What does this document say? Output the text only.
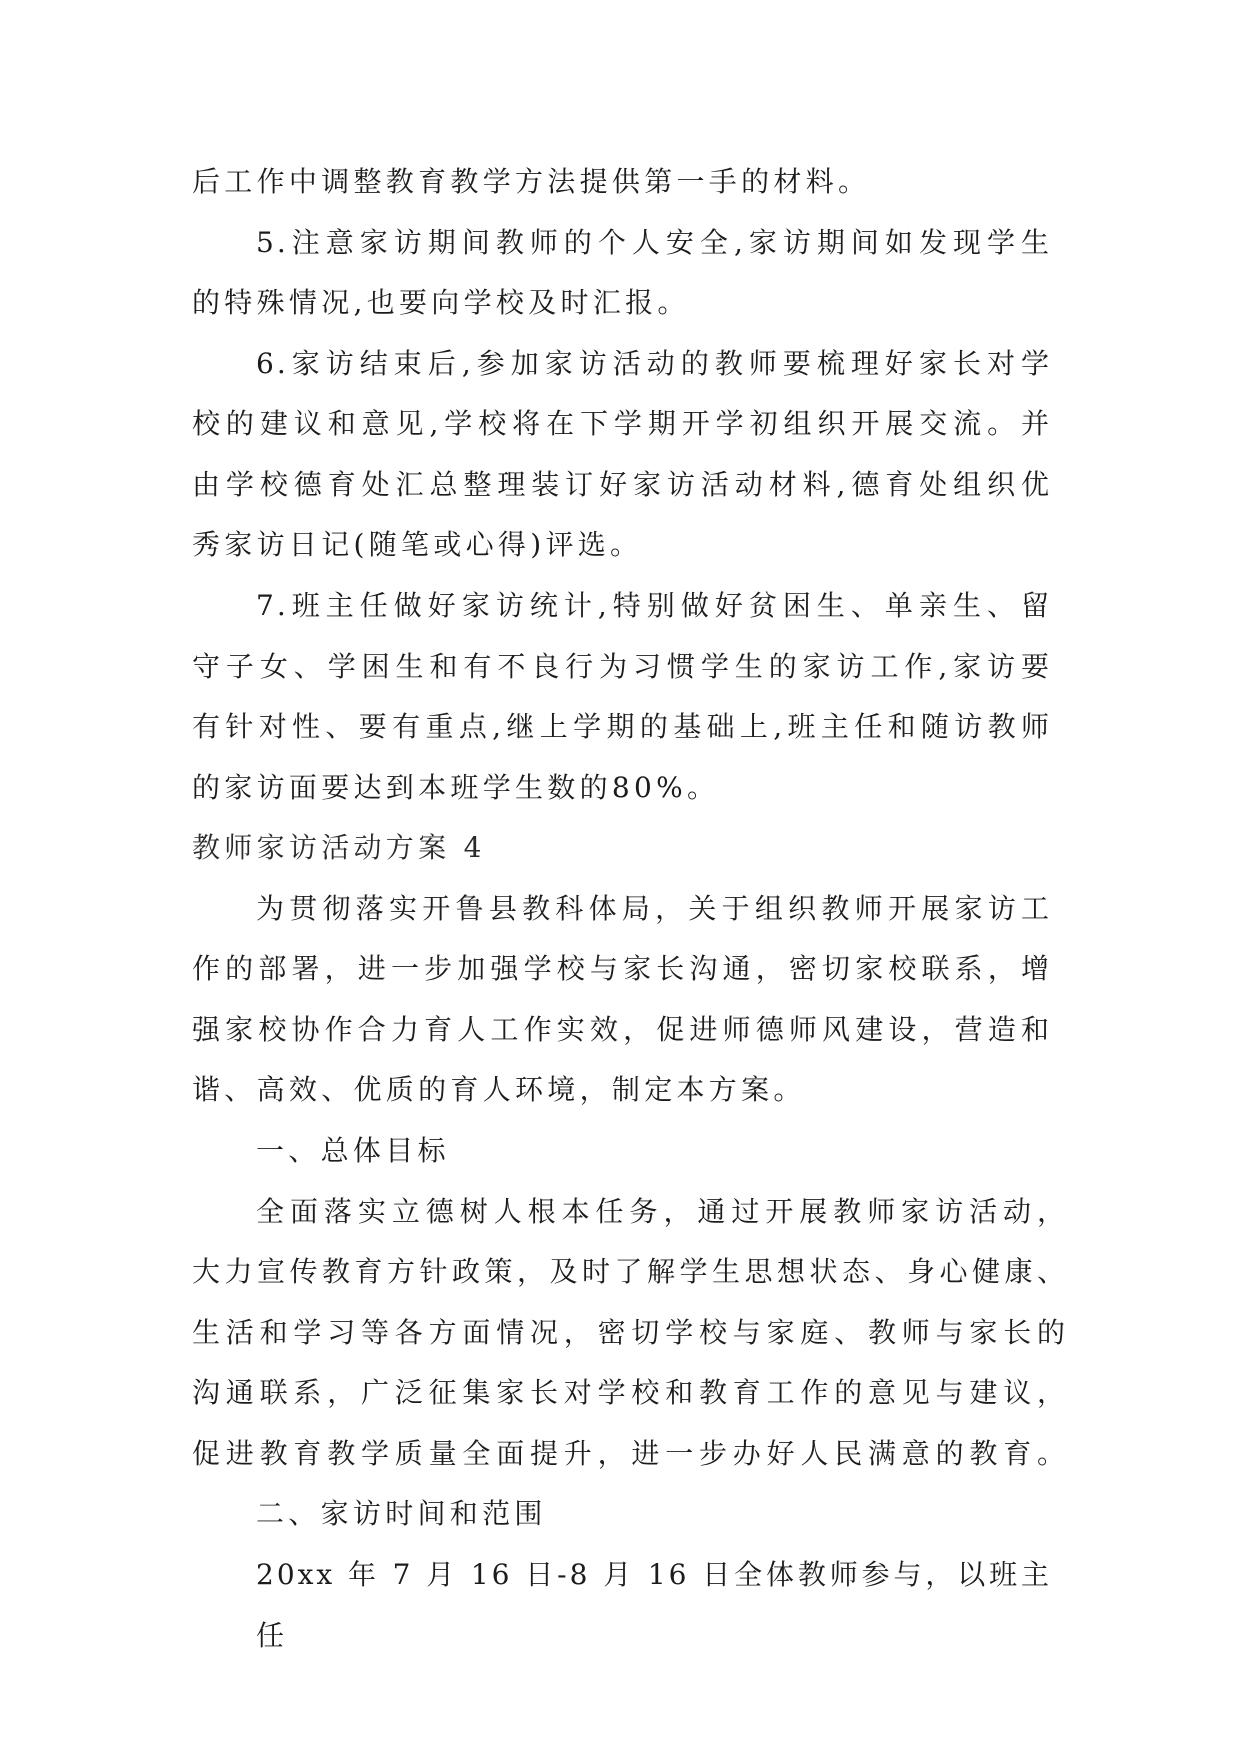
后工作中调整教育教学方法提供第一手的材料。
5.注意家访期间教师的个人安全,家访期间如发现学生
的特殊情况,也要向学校及时汇报。
6.家访结束后,参加家访活动的教师要梳理好家长对学
校的建议和意见,学校将在下学期开学初组织开展交流。并
由学校德育处汇总整理装订好家访活动材料,德育处组织优
秀家访日记(随笔或心得)评选。
7.班主任做好家访统计,特别做好贫困生、单亲生、留
守子女、学困生和有不良行为习惯学生的家访工作,家访要
有针对性、要有重点,继上学期的基础上,班主任和随访教师
的家访面要达到本班学生数的80%。
教师家访活动方案 4
为贯彻落实开鲁县教科体局，关于组织教师开展家访工
作的部署，进一步加强学校与家长沟通，密切家校联系，增
强家校协作合力育人工作实效，促进师德师风建设，营造和
谐、高效、优质的育人环境，制定本方案。
一、总体目标
全面落实立德树人根本任务，通过开展教师家访活动，
大力宣传教育方针政策，及时了解学生思想状态、身心健康、
生活和学习等各方面情况，密切学校与家庭、教师与家长的
沟通联系，广泛征集家长对学校和教育工作的意见与建议，
促进教育教学质量全面提升，进一步办好人民满意的教育。
二、家访时间和范围
20xx 年 7 月 16 日-8 月 16 日全体教师参与，以班主任
